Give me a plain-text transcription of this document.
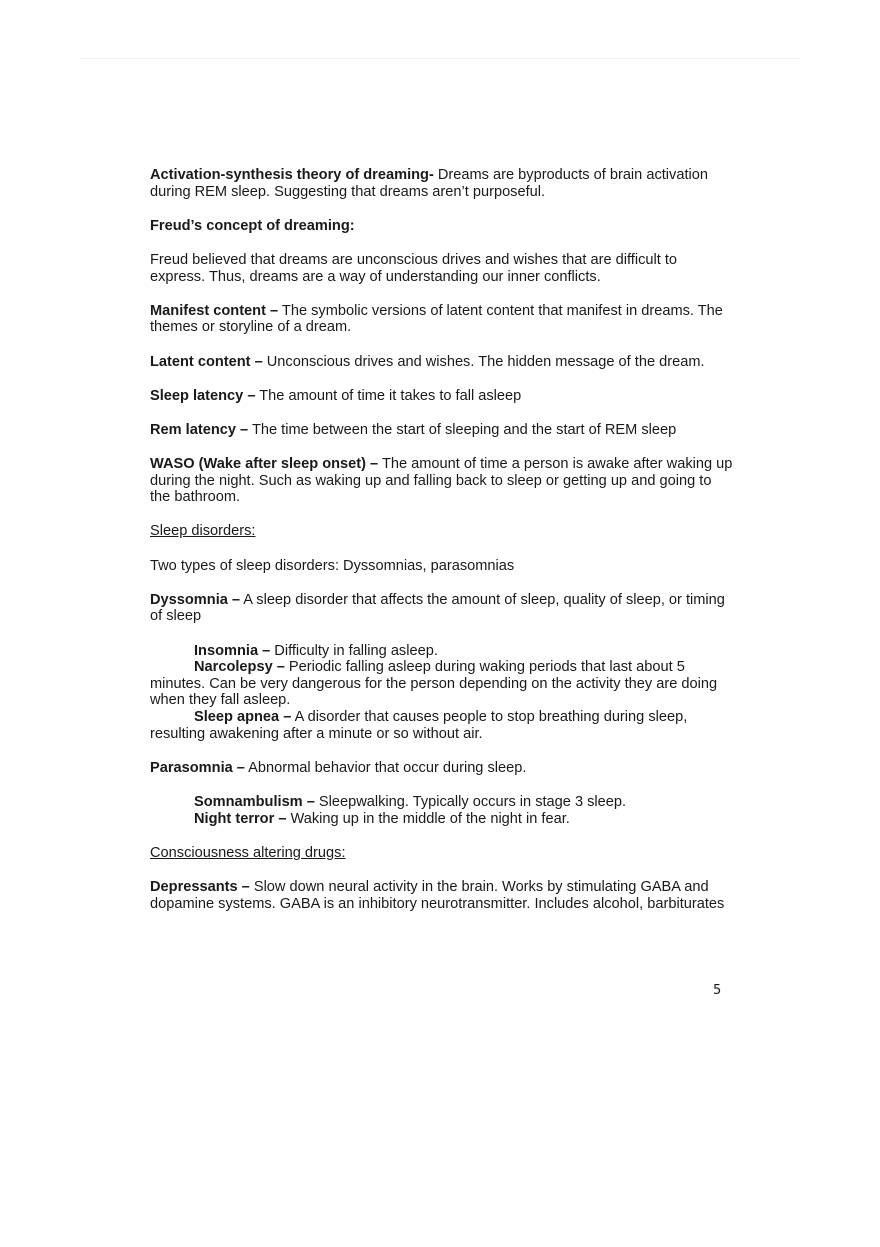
Activation-synthesis theory of dreaming- Dreams are byproducts of brain activation during REM sleep. Suggesting that dreams aren’t purposeful.

Freud’s concept of dreaming:

Freud believed that dreams are unconscious drives and wishes that are difficult to express. Thus, dreams are a way of understanding our inner conflicts.

Manifest content – The symbolic versions of latent content that manifest in dreams. The themes or storyline of a dream.

Latent content – Unconscious drives and wishes. The hidden message of the dream.

Sleep latency – The amount of time it takes to fall asleep

Rem latency – The time between the start of sleeping and the start of REM sleep

WASO (Wake after sleep onset) – The amount of time a person is awake after waking up during the night. Such as waking up and falling back to sleep or getting up and going to the bathroom.

Sleep disorders:

Two types of sleep disorders: Dyssomnias, parasomnias

Dyssomnia – A sleep disorder that affects the amount of sleep, quality of sleep, or timing of sleep

Insomnia – Difficulty in falling asleep.

Narcolepsy – Periodic falling asleep during waking periods that last about 5 minutes. Can be very dangerous for the person depending on the activity they are doing when they fall asleep.

Sleep apnea – A disorder that causes people to stop breathing during sleep, resulting awakening after a minute or so without air.

Parasomnia – Abnormal behavior that occur during sleep.

Somnambulism – Sleepwalking. Typically occurs in stage 3 sleep.

Night terror – Waking up in the middle of the night in fear.

Consciousness altering drugs:

Depressants – Slow down neural activity in the brain. Works by stimulating GABA and dopamine systems. GABA is an inhibitory neurotransmitter. Includes alcohol, barbiturates

5
